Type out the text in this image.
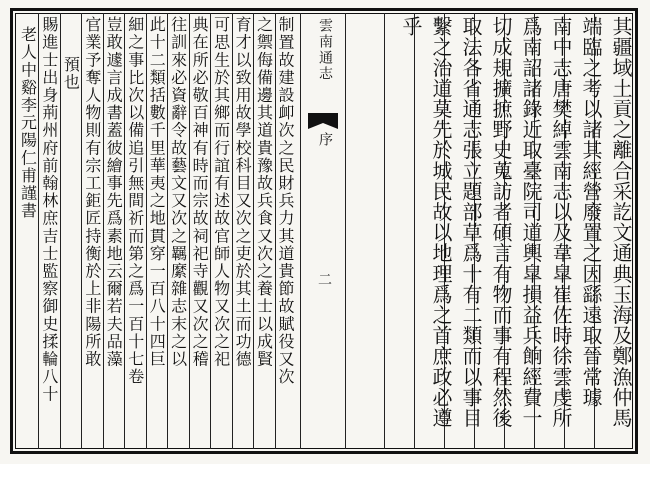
雲南通志
序
二	其疆域土貢之離合采訖文通典玉海及鄭漁仲馬
端臨之考以諸其經營廢置之因繇遠取晉常璩
南中志唐樊綽雲南志以及韋皐崔佐時徐雲虔所
爲南詔諸錄近取臺院司道輿皐損益兵餉經費一
切成規擴摭野史蒐訪者碩言有物而事有程然後
取法各省通志張立題部草爲十有二類而以事目
繫之治道莫先於城民故以地理爲之首庶政必遵
乎
制置故建設卹次之民財兵力其道貴節故賦役又次
之禦侮備邊其道貴豫故兵食又次之養士以成賢
育才以致用故學校科目又次之吏於其土而功德
可思生於其鄉而行誼有述故官師人物又次之祀
典在所必敬百神有時而宗故祠祀寺觀又次之稽
往訓來必資辭令故藝文又次之羈縻雜志末之以
此十二類括數千里華夷之地貫穿一百八十四巨
細之事比次以備追引無間祈而第之爲一百十七卷
豈敢遽言成書蓋彼繪事先爲素地云爾若夫品藻
官業予奪人物則有宗工鉅匠持衡於上非陽所敢
預也
賜進士出身荊州府前翰林庶吉士監察御史揉輪八十
老人中谿李元陽仁甫謹書
